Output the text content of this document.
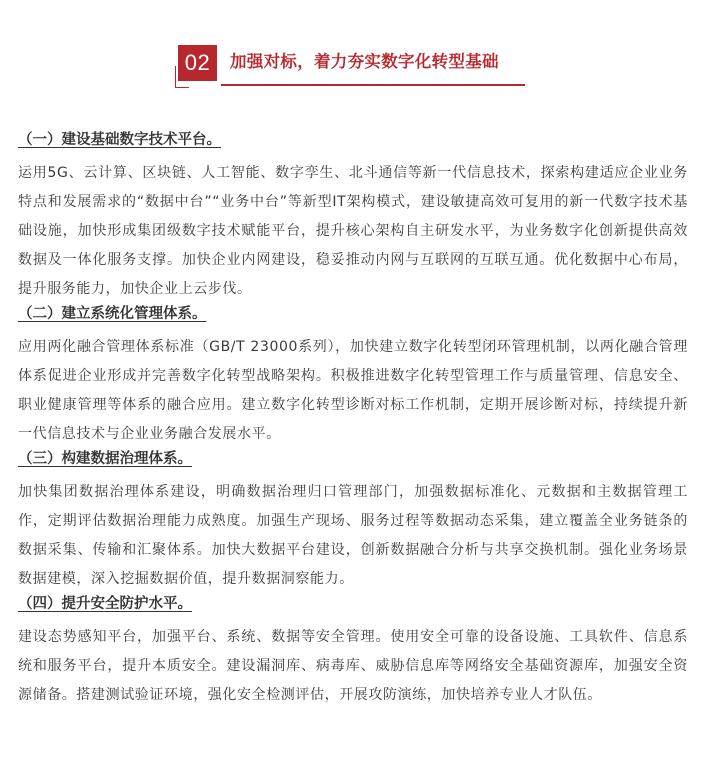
02	加强对标，着力夯实数字化转型基础

（一）建设基础数字技术平台。

运用5G、云计算、区块链、人工智能、数字孪生、北斗通信等新一代信息技术，探索构建适应企业业务特点和发展需求的“数据中台”“业务中台”等新型IT架构模式，建设敏捷高效可复用的新一代数字技术基础设施，加快形成集团级数字技术赋能平台，提升核心架构自主研发水平，为业务数字化创新提供高效数据及一体化服务支撑。加快企业内网建设，稳妥推动内网与互联网的互联互通。优化数据中心布局，提升服务能力，加快企业上云步伐。

（二）建立系统化管理体系。

应用两化融合管理体系标准（GB/T 23000系列），加快建立数字化转型闭环管理机制，以两化融合管理体系促进企业形成并完善数字化转型战略架构。积极推进数字化转型管理工作与质量管理、信息安全、职业健康管理等体系的融合应用。建立数字化转型诊断对标工作机制，定期开展诊断对标，持续提升新一代信息技术与企业业务融合发展水平。

（三）构建数据治理体系。

加快集团数据治理体系建设，明确数据治理归口管理部门，加强数据标准化、元数据和主数据管理工作，定期评估数据治理能力成熟度。加强生产现场、服务过程等数据动态采集，建立覆盖全业务链条的数据采集、传输和汇聚体系。加快大数据平台建设，创新数据融合分析与共享交换机制。强化业务场景数据建模，深入挖掘数据价值，提升数据洞察能力。

（四）提升安全防护水平。

建设态势感知平台，加强平台、系统、数据等安全管理。使用安全可靠的设备设施、工具软件、信息系统和服务平台，提升本质安全。建设漏洞库、病毒库、威胁信息库等网络安全基础资源库，加强安全资源储备。搭建测试验证环境，强化安全检测评估，开展攻防演练，加快培养专业人才队伍。
